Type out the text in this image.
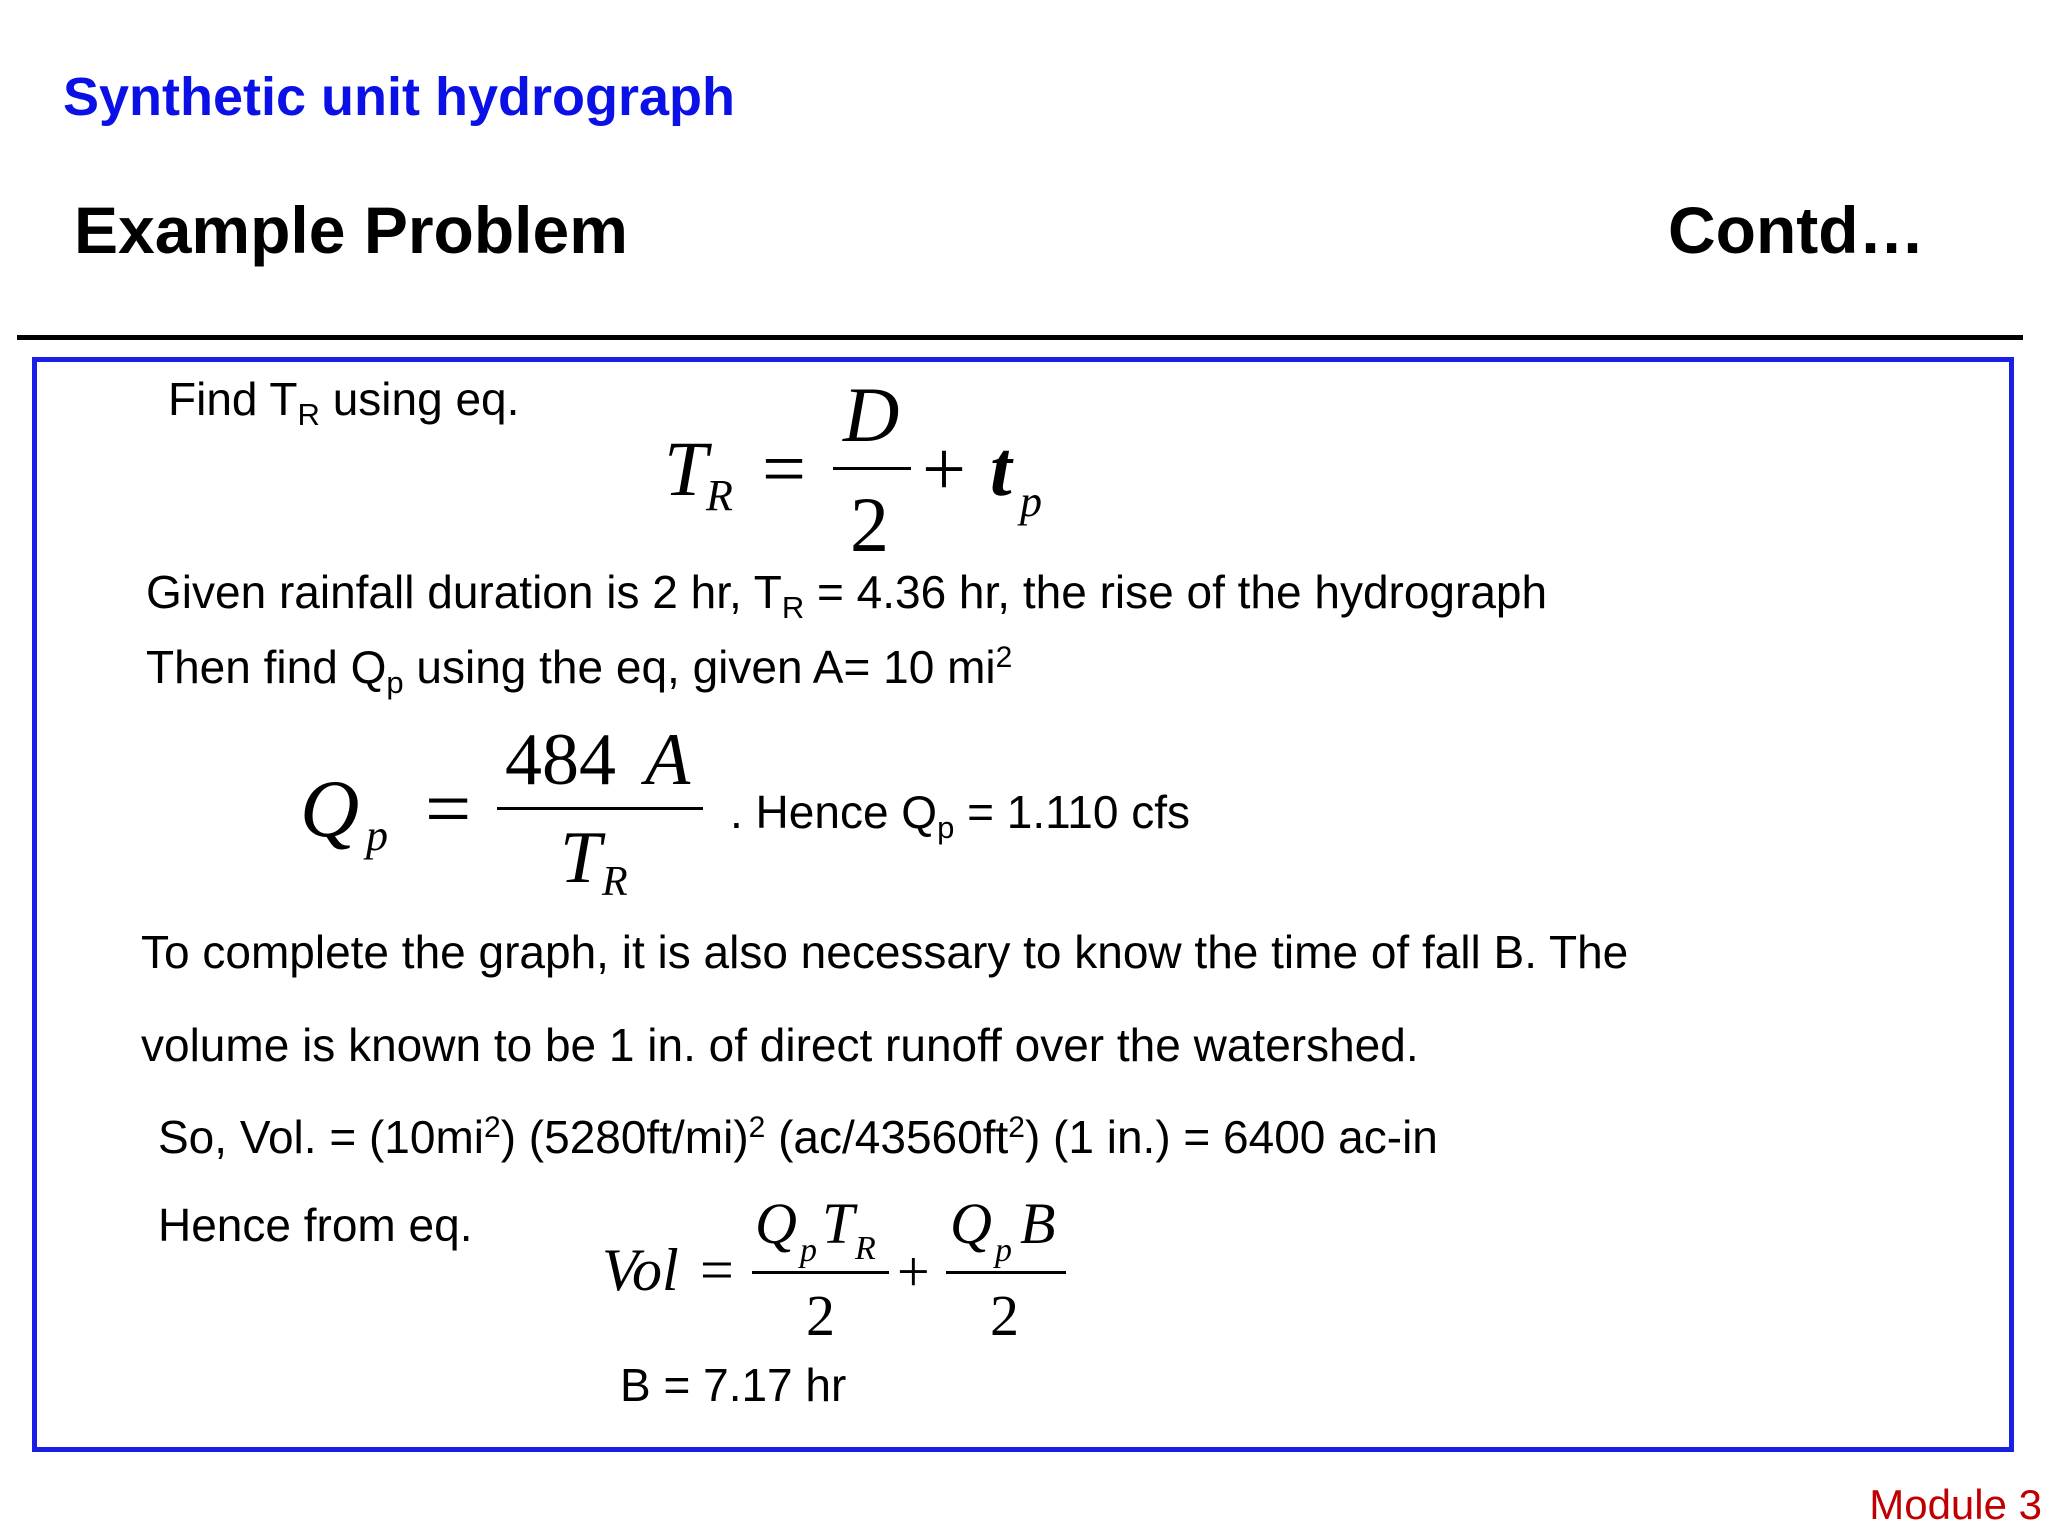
Synthetic unit hydrograph
Example Problem	Contd…
Find $T_R$ using eq.
T
R =
D
2
+ t p
Given rainfall duration is 2 hr, $T_R = 4.36$ hr, the rise of the hydrograph
Then find $Q_p$ using the eq, given A= 10 $mi^2$
Q p =
484 A
T R
. Hence $Q_p = 1.110$ cfs
To complete the graph, it is also necessary to know the time of fall B. The
volume is known to be 1 in. of direct runoff over the watershed.
So, Vol. = $(10mi^2)$ $(5280ft/mi)^2$ $(ac/43560ft^2)$ (1 in.) = 6400 ac-in
Hence from eq.
Vol =
Q p T R
2
+
Q p B
2
B = 7.17 hr
Module 3
